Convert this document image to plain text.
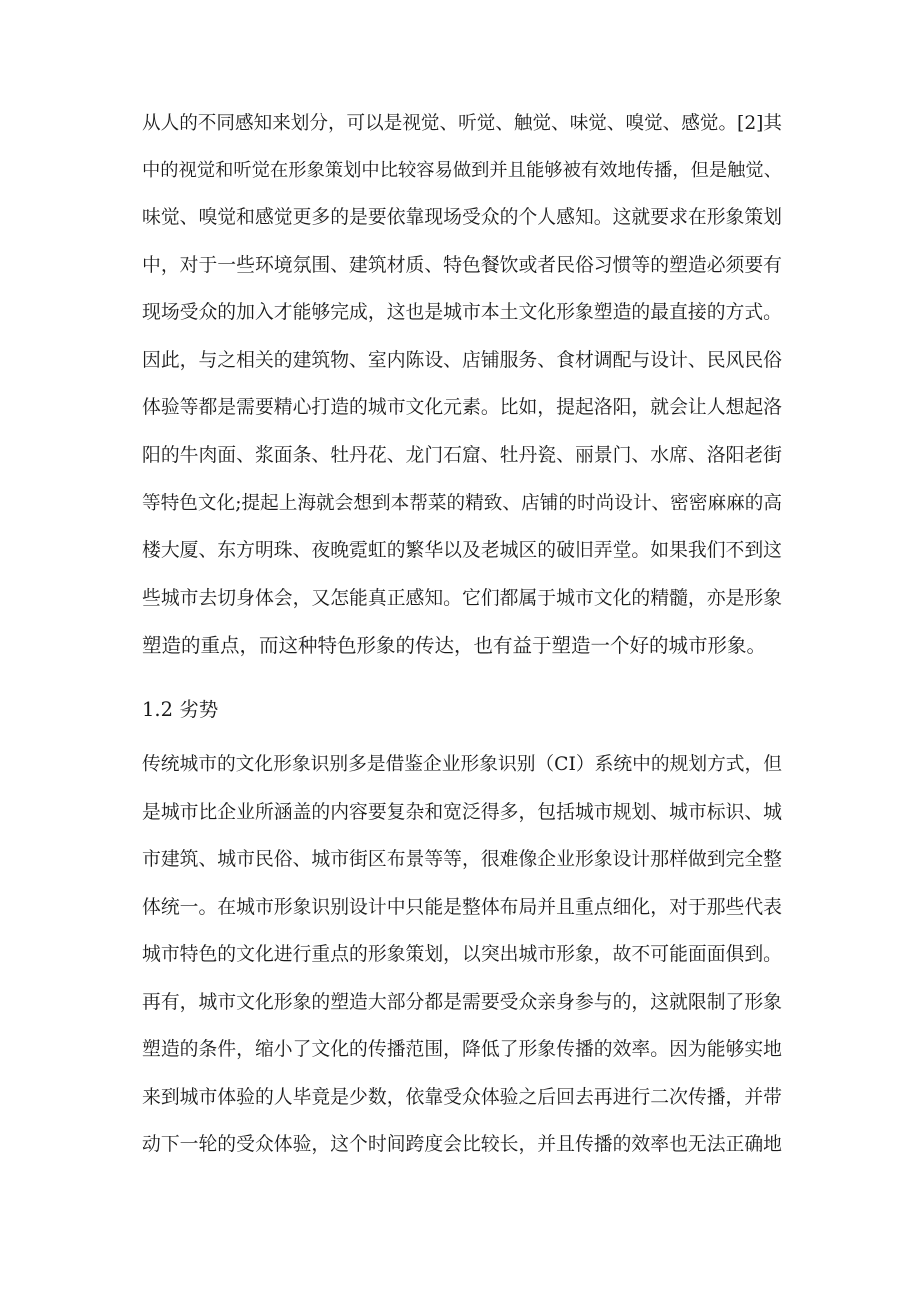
从人的不同感知来划分，可以是视觉、听觉、触觉、味觉、嗅觉、感觉。[2]其
中的视觉和听觉在形象策划中比较容易做到并且能够被有效地传播，但是触觉、
味觉、嗅觉和感觉更多的是要依靠现场受众的个人感知。这就要求在形象策划
中，对于一些环境氛围、建筑材质、特色餐饮或者民俗习惯等的塑造必须要有
现场受众的加入才能够完成，这也是城市本土文化形象塑造的最直接的方式。
因此，与之相关的建筑物、室内陈设、店铺服务、食材调配与设计、民风民俗
体验等都是需要精心打造的城市文化元素。比如，提起洛阳，就会让人想起洛
阳的牛肉面、浆面条、牡丹花、龙门石窟、牡丹瓷、丽景门、水席、洛阳老街
等特色文化;提起上海就会想到本帮菜的精致、店铺的时尚设计、密密麻麻的高
楼大厦、东方明珠、夜晚霓虹的繁华以及老城区的破旧弄堂。如果我们不到这
些城市去切身体会，又怎能真正感知。它们都属于城市文化的精髓，亦是形象
塑造的重点，而这种特色形象的传达，也有益于塑造一个好的城市形象。
1.2 劣势
传统城市的文化形象识别多是借鉴企业形象识别（CI）系统中的规划方式，但
是城市比企业所涵盖的内容要复杂和宽泛得多，包括城市规划、城市标识、城
市建筑、城市民俗、城市街区布景等等，很难像企业形象设计那样做到完全整
体统一。在城市形象识别设计中只能是整体布局并且重点细化，对于那些代表
城市特色的文化进行重点的形象策划，以突出城市形象，故不可能面面俱到。
再有，城市文化形象的塑造大部分都是需要受众亲身参与的，这就限制了形象
塑造的条件，缩小了文化的传播范围，降低了形象传播的效率。因为能够实地
来到城市体验的人毕竟是少数，依靠受众体验之后回去再进行二次传播，并带
动下一轮的受众体验，这个时间跨度会比较长，并且传播的效率也无法正确地
